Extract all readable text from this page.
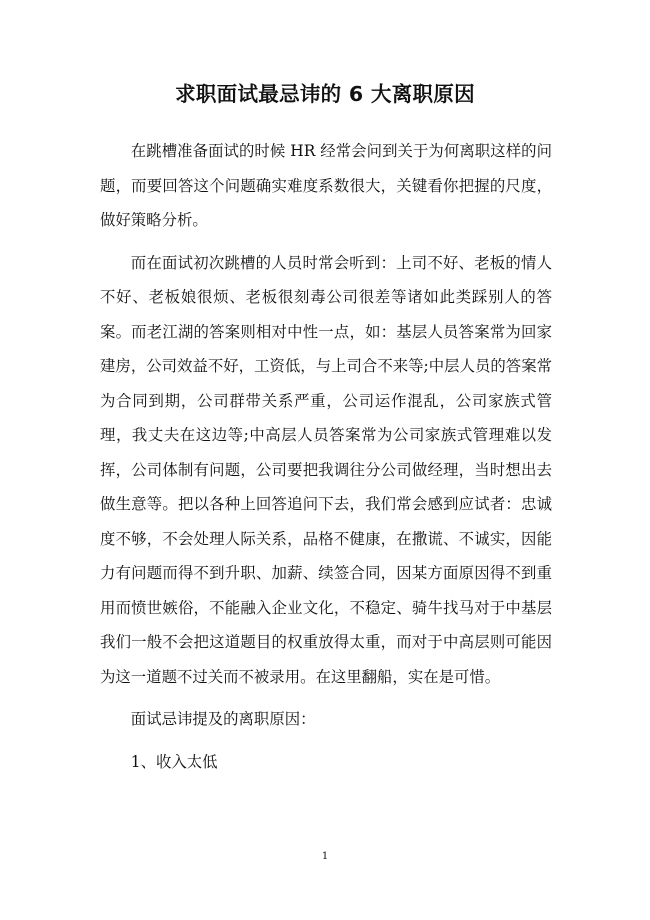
求职面试最忌讳的 6 大离职原因

在跳槽准备面试的时候 HR 经常会问到关于为何离职这样的问题，而要回答这个问题确实难度系数很大，关键看你把握的尺度，做好策略分析。

而在面试初次跳槽的人员时常会听到：上司不好、老板的情人不好、老板娘很烦、老板很刻毒公司很差等诸如此类踩别人的答案。而老江湖的答案则相对中性一点，如：基层人员答案常为回家建房，公司效益不好，工资低，与上司合不来等;中层人员的答案常为合同到期，公司群带关系严重，公司运作混乱，公司家族式管理，我丈夫在这边等;中高层人员答案常为公司家族式管理难以发挥，公司体制有问题，公司要把我调往分公司做经理，当时想出去做生意等。把以各种上回答追问下去，我们常会感到应试者：忠诚度不够，不会处理人际关系，品格不健康，在撒谎、不诚实，因能力有问题而得不到升职、加薪、续签合同，因某方面原因得不到重用而愤世嫉俗，不能融入企业文化，不稳定、骑牛找马对于中基层我们一般不会把这道题目的权重放得太重，而对于中高层则可能因为这一道题不过关而不被录用。在这里翻船，实在是可惜。

面试忌讳提及的离职原因：

1、收入太低

1
